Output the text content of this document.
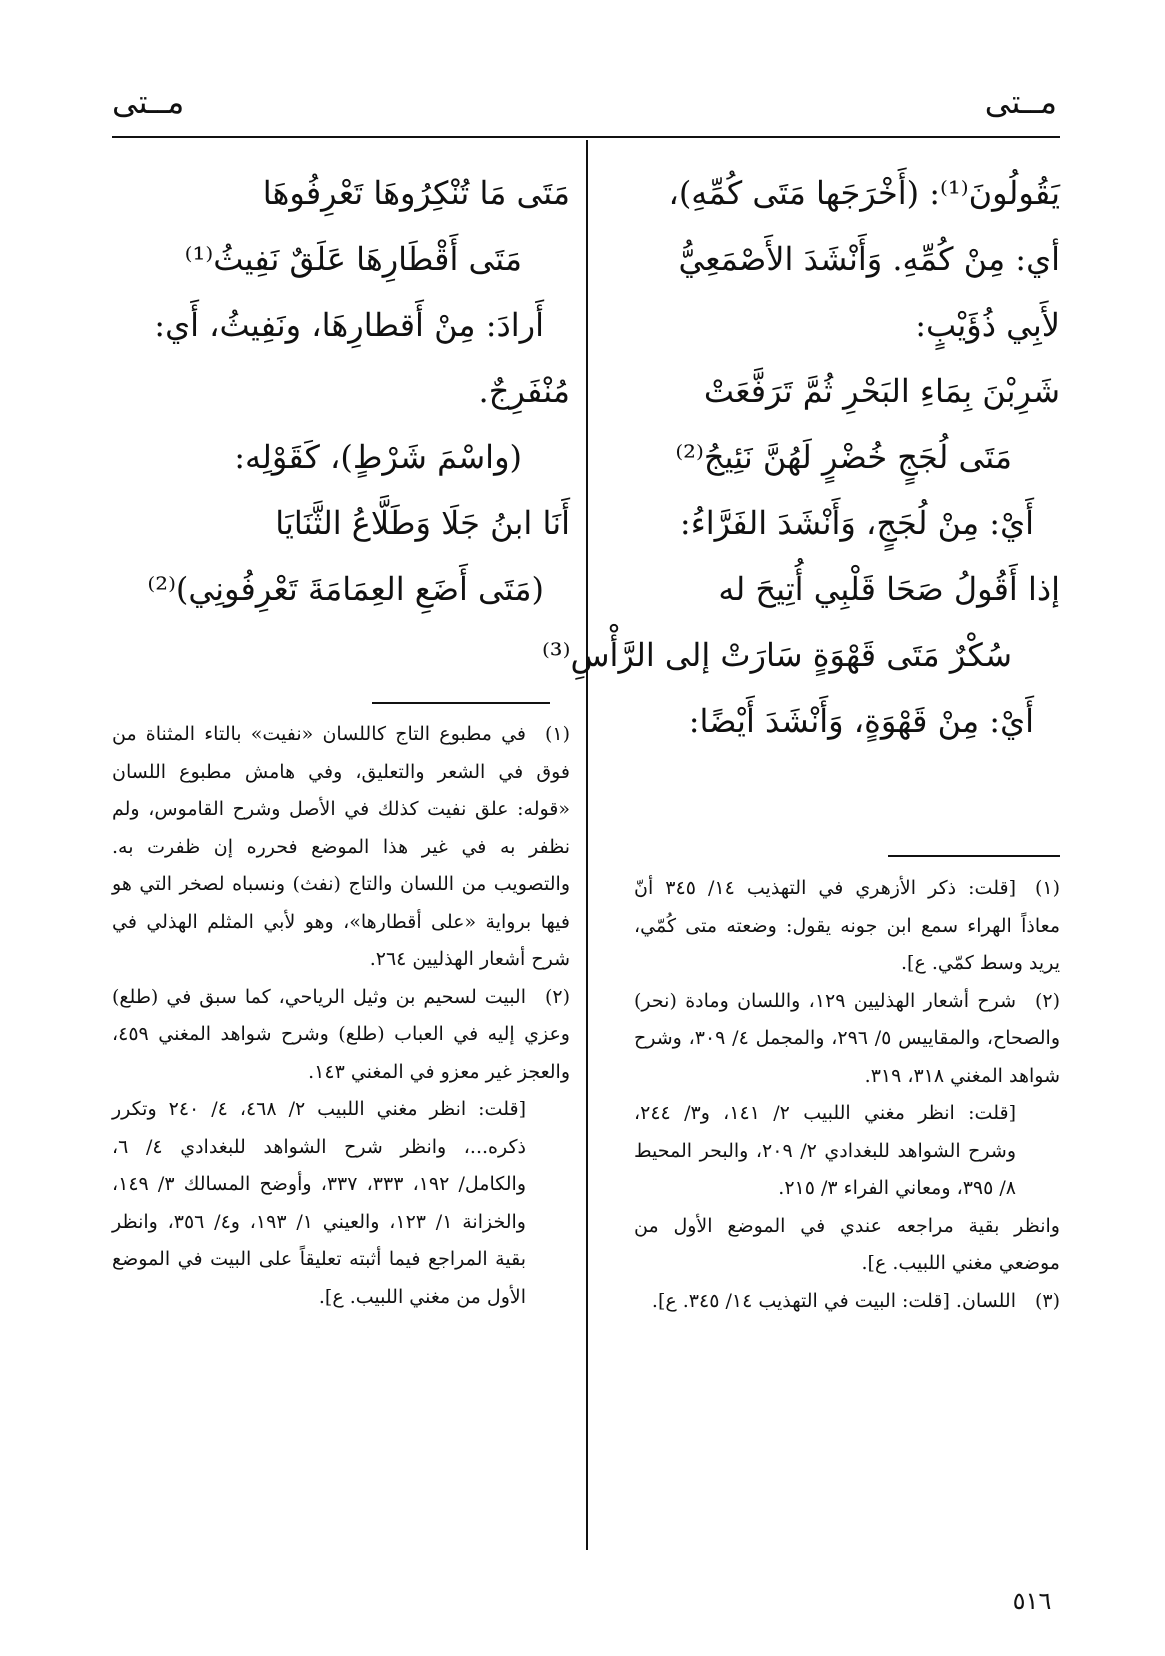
مــتى
مــتى
يَقُولُونَ⁽¹⁾: (أَخْرَجَها مَتَى كُمِّهِ)،
أي: مِنْ كُمِّهِ. وَأَنْشَدَ الأَصْمَعِيُّ
لأَبِي ذُؤَيْبٍ:
شَرِبْنَ بِمَاءِ البَحْرِ ثُمَّ تَرَفَّعَتْ
مَتَى لُجَجٍ خُضْرٍ لَهُنَّ نَئِيجُ⁽²⁾
أَيْ: مِنْ لُجَجٍ، وَأَنْشَدَ الفَرَّاءُ:
إذا أَقُولُ صَحَا قَلْبِي أُتِيحَ له
سُكْرٌ مَتَى قَهْوَةٍ سَارَتْ إلى الرَّأْسِ⁽³⁾
أَيْ: مِنْ قَهْوَةٍ، وَأَنْشَدَ أَيْضًا:
مَتَى مَا تُنْكِرُوهَا تَعْرِفُوهَا
مَتَى أَقْطَارِهَا عَلَقٌ نَفِيثُ⁽¹⁾
أَرادَ: مِنْ أَقطارِهَا، ونَفِيثُ، أَي:
مُنْفَرِجٌ.
(واسْمَ شَرْطٍ)، كَقَوْلِه:
أَنَا ابنُ جَلَا وَطَلَّاعُ الثَّنَايَا
(مَتَى أَضَعِ العِمَامَةَ تَعْرِفُونِي)⁽²⁾

(١)[قلت: ذكر الأزهري في التهذيب ١٤/ ٣٤٥ أنّ معاذاً الهراء سمع ابن جونه يقول: وضعته متى كُمّي، يريد وسط كمّي. ع].

(٢)شرح أشعار الهذليين ١٢٩، واللسان ومادة (نحر) والصحاح، والمقاييس ٥/ ٢٩٦، والمجمل ٤/ ٣٠٩، وشرح شواهد المغني ٣١٨، ٣١٩.

[قلت: انظر مغني اللبيب ٢/ ١٤١، و٣/ ٢٤٤، وشرح الشواهد للبغدادي ٢/ ٢٠٩، والبحر المحيط ٨/ ٣٩٥، ومعاني الفراء ٣/ ٢١٥.

وانظر بقية مراجعه عندي في الموضع الأول من موضعي مغني اللبيب. ع].

(٣)اللسان. [قلت: البيت في التهذيب ١٤/ ٣٤٥. ع].

(١)في مطبوع التاج كاللسان «نفيت» بالتاء المثناة من فوق في الشعر والتعليق، وفي هامش مطبوع اللسان «قوله: علق نفيت كذلك في الأصل وشرح القاموس، ولم نظفر به في غير هذا الموضع فحرره إن ظفرت به. والتصويب من اللسان والتاج (نفث) ونسباه لصخر التي هو فيها برواية «على أقطارها»، وهو لأبي المثلم الهذلي في شرح أشعار الهذليين ٢٦٤.

(٢)البيت لسحيم بن وثيل الرياحي، كما سبق في (طلع) وعزي إليه في العباب (طلع) وشرح شواهد المغني ٤٥٩، والعجز غير معزو في المغني ١٤٣.

[قلت: انظر مغني اللبيب ٢/ ٤٦٨، ٤/ ٢٤٠ وتكرر ذكره...، وانظر شرح الشواهد للبغدادي ٤/ ٦، والكامل/ ١٩٢، ٣٣٣، ٣٣٧، وأوضح المسالك ٣/ ١٤٩، والخزانة ١/ ١٢٣، والعيني ١/ ١٩٣، و٤/ ٣٥٦، وانظر بقية المراجع فيما أثبته تعليقاً على البيت في الموضع الأول من مغني اللبيب. ع].

٥١٦
